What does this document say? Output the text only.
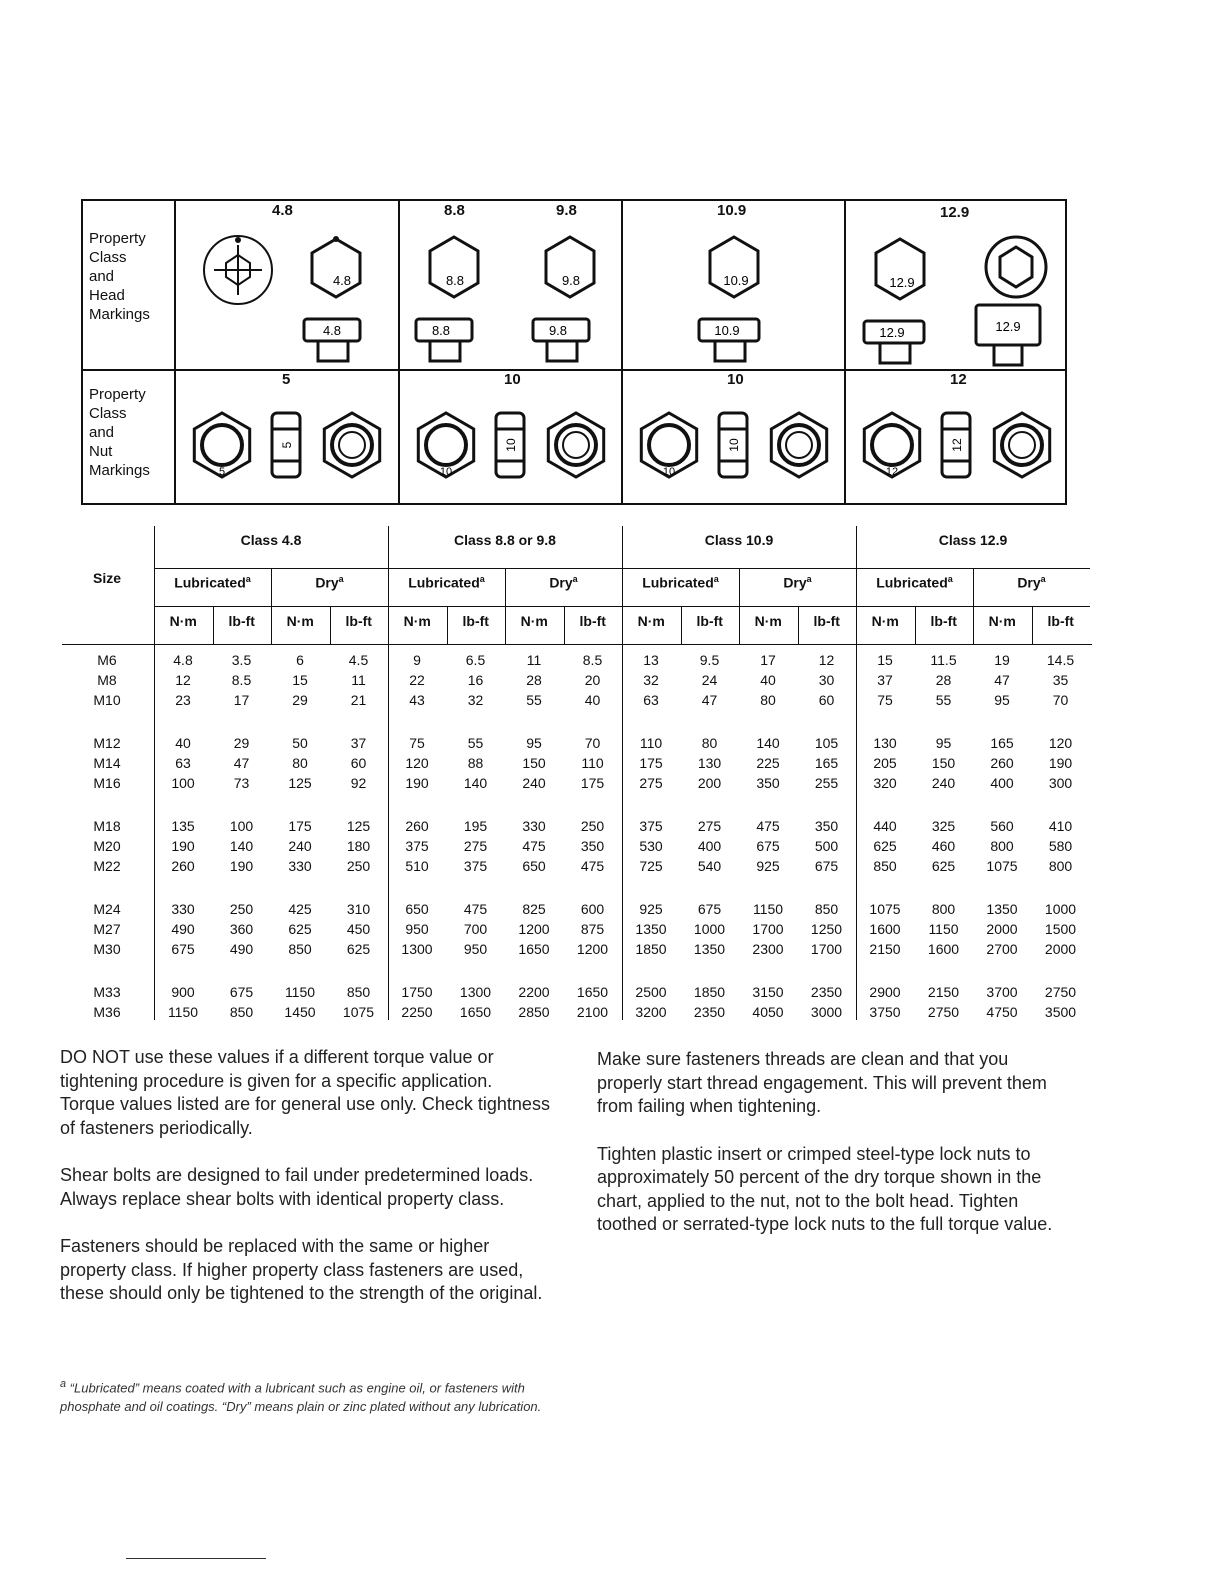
Property
Class
and
Head
Markings
4.8
4.8
4.8
8.8	9.8
8.8	9.8
8.8	9.8
10.9
10.9
10.9
12.9
12.9
12.9	12.9
Property
Class
and
Nut
Markings
5
5
5
10
10
10
10
10
10
12
12
12
Size
Class 4.8
Lubricated$^a$
N·m	lb-ft
Dry$^a$
N·m	lb-ft
Class 8.8 or 9.8
Lubricated$^a$
N·m	lb-ft
Dry$^a$
N·m	lb-ft
Class 10.9
Lubricated$^a$
N·m	lb-ft
Dry$^a$
N·m	lb-ft
Class 12.9
Lubricated$^a$
N·m	lb-ft
Dry$^a$
N·m	lb-ft
M6	4.8	3.5	6	4.5	9	6.5	11	8.5	13	9.5	17	12	15	11.5	19	14.5
M8	12	8.5	15	11	22	16	28	20	32	24	40	30	37	28	47	35
M10	23	17	29	21	43	32	55	40	63	47	80	60	75	55	95	70
M12	40	29	50	37	75	55	95	70	110	80	140	105	130	95	165	120
M14	63	47	80	60	120	88	150	110	175	130	225	165	205	150	260	190
M16	100	73	125	92	190	140	240	175	275	200	350	255	320	240	400	300
M18	135	100	175	125	260	195	330	250	375	275	475	350	440	325	560	410
M20	190	140	240	180	375	275	475	350	530	400	675	500	625	460	800	580
M22	260	190	330	250	510	375	650	475	725	540	925	675	850	625	1075	800
M24	330	250	425	310	650	475	825	600	925	675	1150	850	1075	800	1350	1000
M27	490	360	625	450	950	700	1200	875	1350	1000	1700	1250	1600	1150	2000	1500
M30	675	490	850	625	1300	950	1650	1200	1850	1350	2300	1700	2150	1600	2700	2000
M33	900	675	1150	850	1750	1300	2200	1650	2500	1850	3150	2350	2900	2150	3700	2750
M36	1150	850	1450	1075	2250	1650	2850	2100	3200	2350	4050	3000	3750	2750	4750	3500

DO NOT use these values if a different torque value or tightening procedure is given for a specific application. Torque values listed are for general use only. Check tightness of fasteners periodically.

Shear bolts are designed to fail under predetermined loads. Always replace shear bolts with identical property class.

Fasteners should be replaced with the same or higher property class. If higher property class fasteners are used, these should only be tightened to the strength of the original.

Make sure fasteners threads are clean and that you properly start thread engagement. This will prevent them from failing when tightening.

Tighten plastic insert or crimped steel-type lock nuts to approximately 50 percent of the dry torque shown in the chart, applied to the nut, not to the bolt head. Tighten toothed or serrated-type lock nuts to the full torque value.

$^a$ “Lubricated” means coated with a lubricant such as engine oil, or fasteners with phosphate and oil coatings. “Dry” means plain or zinc plated without any lubrication.
